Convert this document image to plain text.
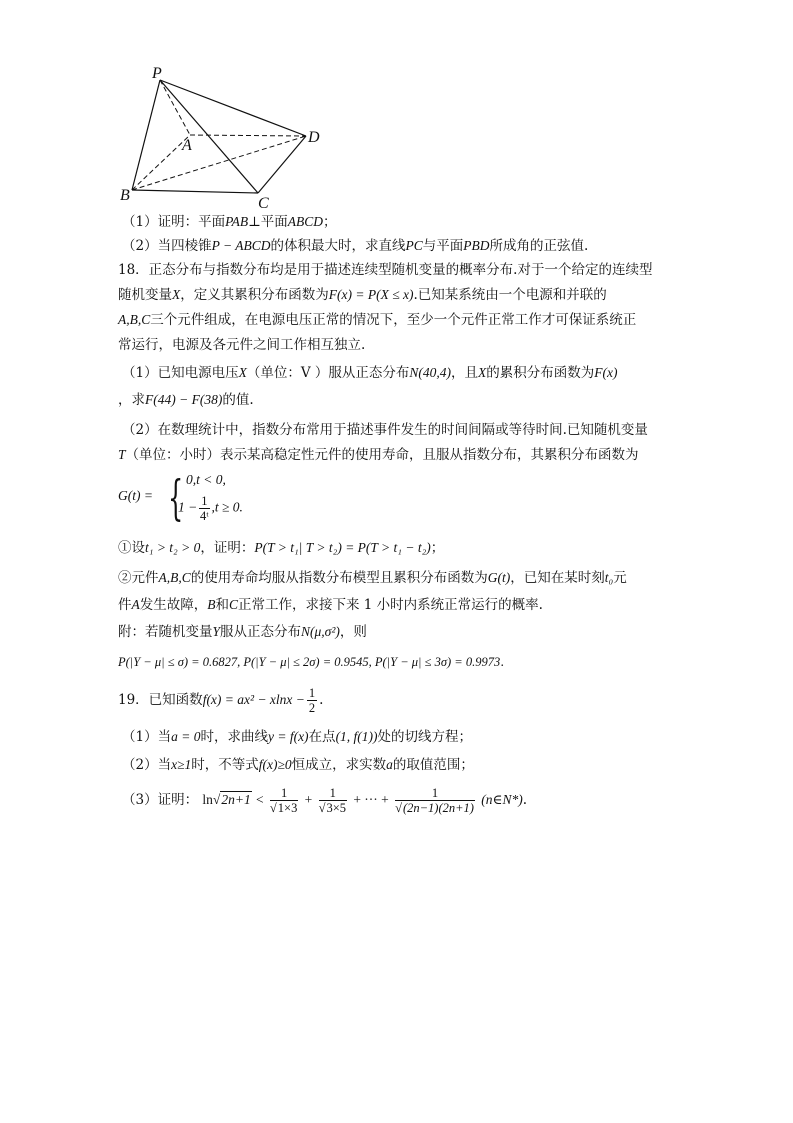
P
A
B	C
D
（1）证明：平面PAB⊥平面ABCD；
（2）当四棱锥P − ABCD的体积最大时，求直线PC与平面PBD所成角的正弦值.
18．正态分布与指数分布均是用于描述连续型随机变量的概率分布.对于一个给定的连续型
随机变量X，定义其累积分布函数为F(x) = P(X ≤ x).已知某系统由一个电源和并联的
A,B,C三个元件组成，在电源电压正常的情况下，至少一个元件正常工作才可保证系统正
常运行，电源及各元件之间工作相互独立.
（1）已知电源电压X（单位：V ）服从正态分布N(40,4)，且X的累积分布函数为F(x)
，求F(44) − F(38)的值.
（2）在数理统计中，指数分布常用于描述事件发生的时间间隔或等待时间.已知随机变量
T（单位：小时）表示某高稳定性元件的使用寿命，且服从指数分布，其累积分布函数为
G(t) = { 0,t < 0,
$1 - \frac{1}{\text{4ᵗ}} ,t \ge 0$.
①设t₁ > t₂ > 0，证明：P(T > t₁| T > t₂) = P(T > t₁ − t₂)；
②元件A,B,C的使用寿命均服从指数分布模型且累积分布函数为G(t)，已知在某时刻t₀元
件A发生故障，B和C正常工作，求接下来 1 小时内系统正常运行的概率.
附：若随机变量Y服从正态分布N(μ,σ²)，则
P(|Y − μ| ≤ σ) = 0.6827, P(|Y − μ| ≤ 2σ) = 0.9545, P(|Y − μ| ≤ 3σ) = 0.9973.
19．已知函数$f(x) = ax^2 - xlnx - \frac{1}{2}$ .
（1）当a = 0时，求曲线y = f(x)在点(1, f(1))处的切线方程；
（2）当x≥1时，不等式f(x)≥0恒成立，求实数a的取值范围；
（3）证明： $\ln√2n+1 < \frac{1}{√1\times 3} + \frac{1}{√3\times 5}$ + ··· + $\frac{1}{√(2n-1)(2n+1)}$ (n∈N*).
